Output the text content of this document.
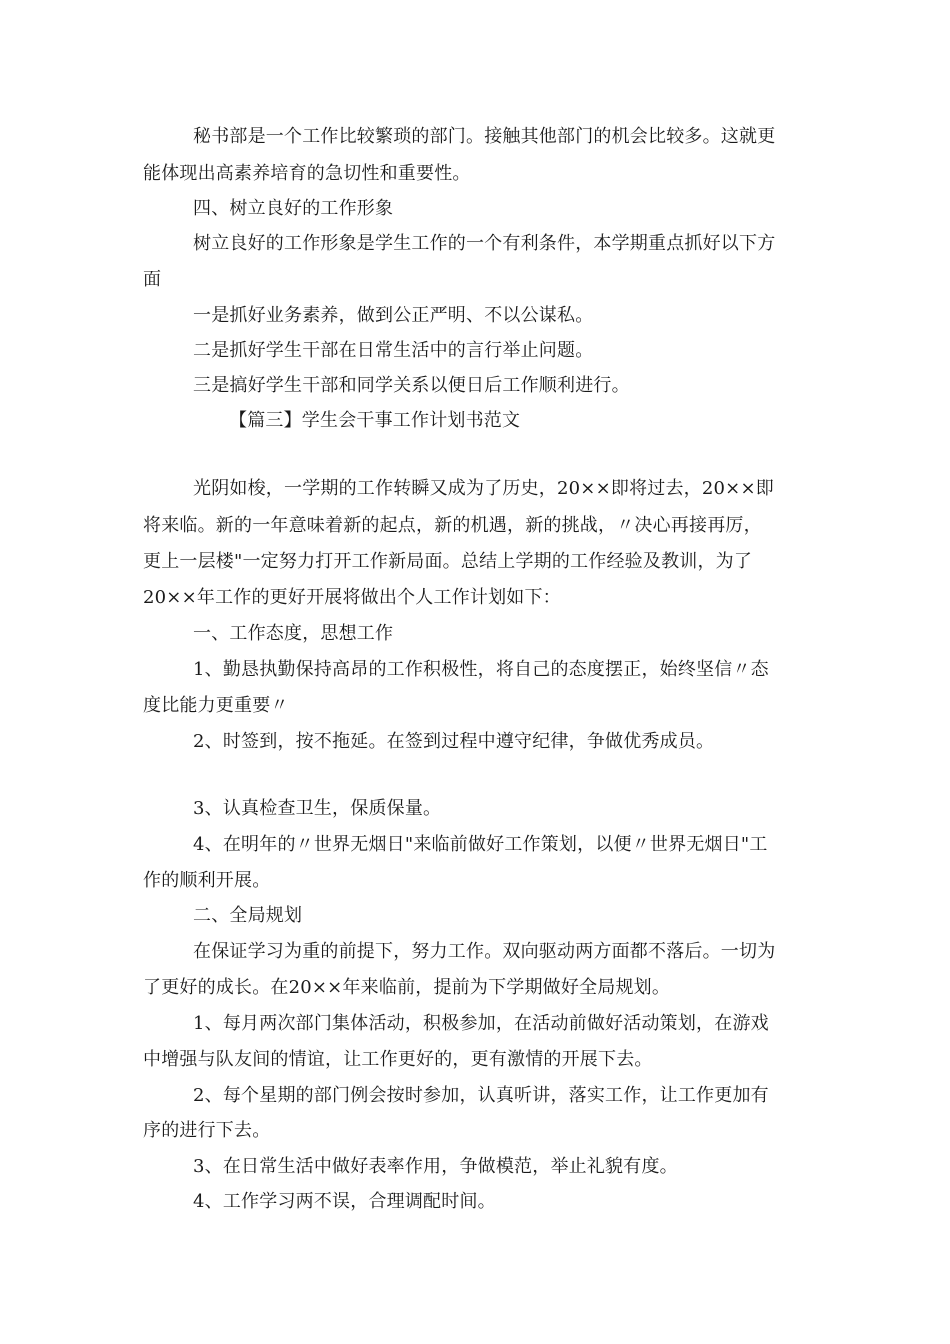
秘书部是一个工作比较繁琐的部门。接触其他部门的机会比较多。这就更
能体现出高素养培育的急切性和重要性。
四、树立良好的工作形象
树立良好的工作形象是学生工作的一个有利条件，本学期重点抓好以下方
面
一是抓好业务素养，做到公正严明、不以公谋私。
二是抓好学生干部在日常生活中的言行举止问题。
三是搞好学生干部和同学关系以便日后工作顺利进行。
【篇三】学生会干事工作计划书范文
光阴如梭，一学期的工作转瞬又成为了历史，20××即将过去，20××即
将来临。新的一年意味着新的起点，新的机遇，新的挑战，〃决心再接再厉，
更上一层楼"一定努力打开工作新局面。总结上学期的工作经验及教训，为了
20××年工作的更好开展将做出个人工作计划如下：
一、工作态度，思想工作
1、勤恳执勤保持高昂的工作积极性，将自己的态度摆正，始终坚信〃态
度比能力更重要〃
2、时签到，按不拖延。在签到过程中遵守纪律，争做优秀成员。
3、认真检查卫生，保质保量。
4、在明年的〃世界无烟日"来临前做好工作策划，以便〃世界无烟日"工
作的顺利开展。
二、全局规划
在保证学习为重的前提下，努力工作。双向驱动两方面都不落后。一切为
了更好的成长。在20××年来临前，提前为下学期做好全局规划。
1、每月两次部门集体活动，积极参加，在活动前做好活动策划，在游戏
中增强与队友间的情谊，让工作更好的，更有激情的开展下去。
2、每个星期的部门例会按时参加，认真听讲，落实工作，让工作更加有
序的进行下去。
3、在日常生活中做好表率作用，争做模范，举止礼貌有度。
4、工作学习两不误，合理调配时间。
